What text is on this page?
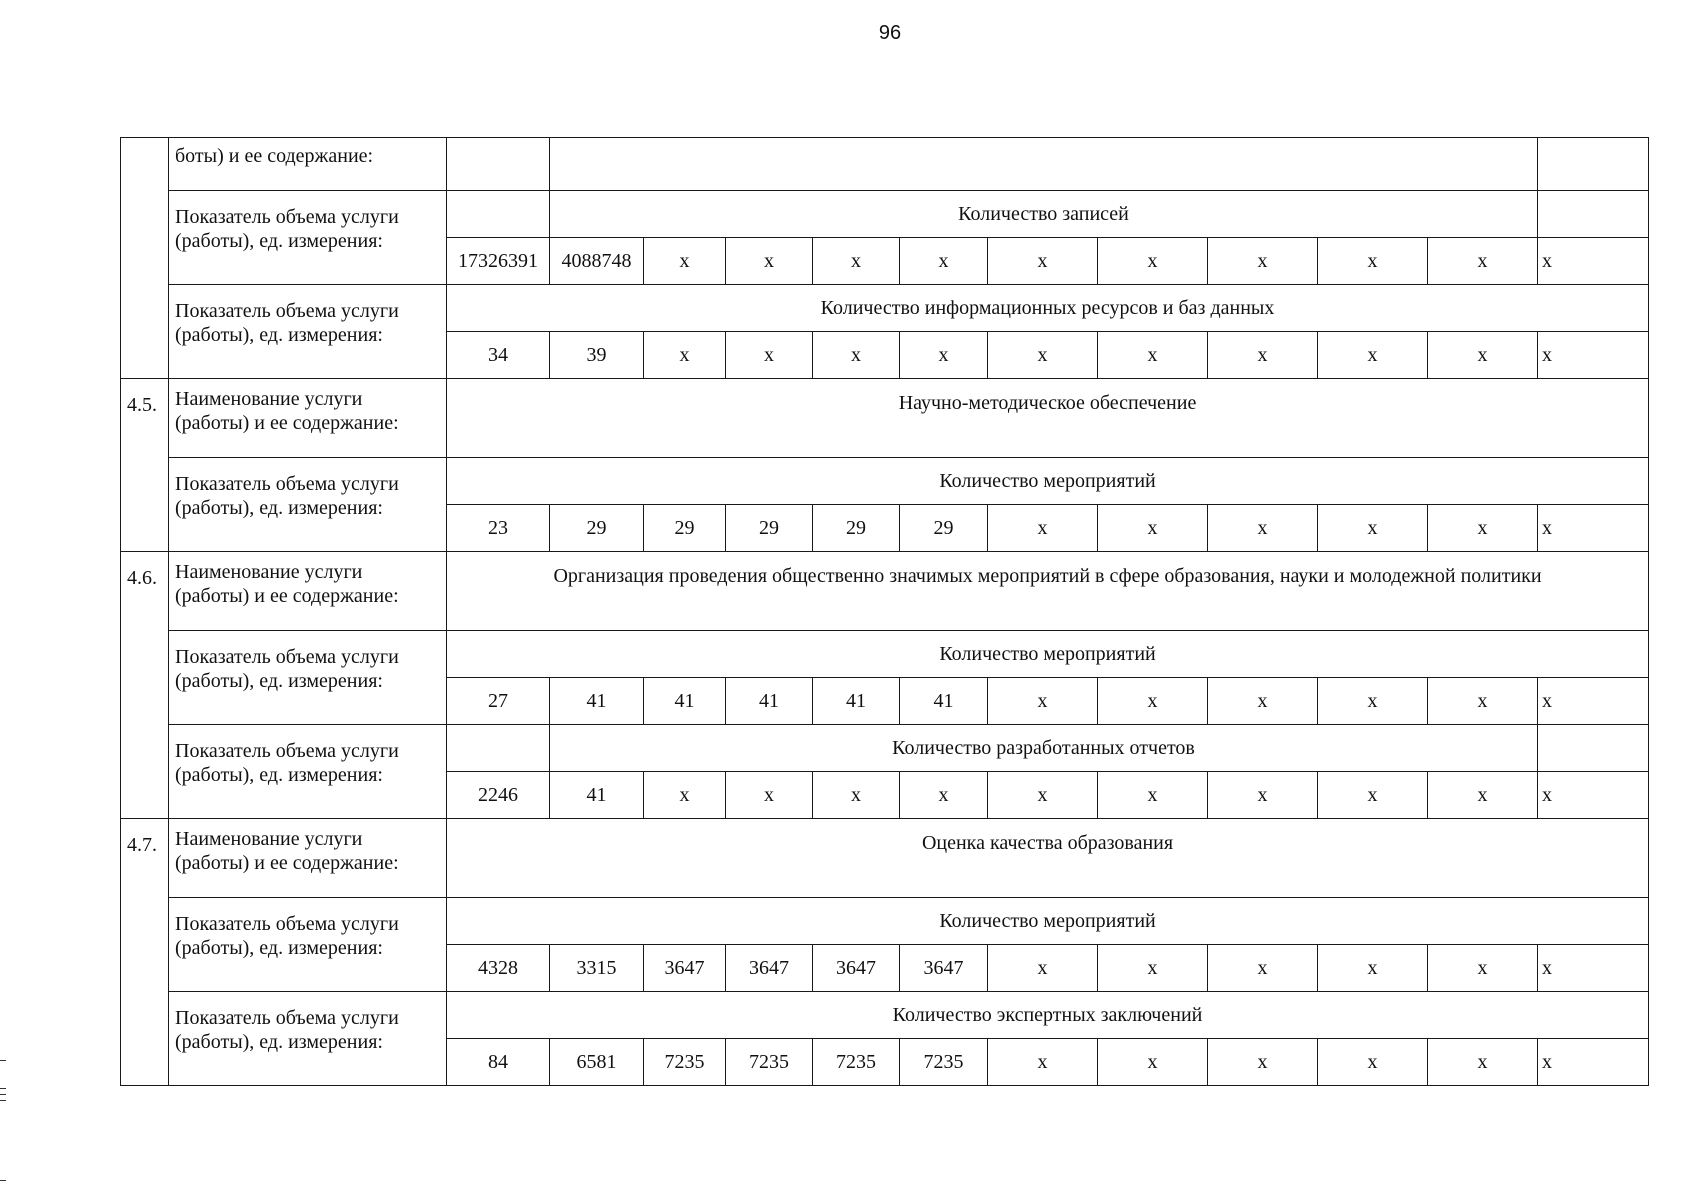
96
	боты) и ее содержание:												
	Показатель объема услуги (работы), ед. измерения:		Количество записей										
		17326391	4088748	x	x	x	x	x	x	x	x	x	x
	Показатель объема услуги (работы), ед. измерения:	Количество информационных ресурсов и баз данных											
		34	39	x	x	x	x	x	x	x	x	x	x
4.5.	Наименование услуги (работы) и ее содержание:	Научно-методическое обеспечение											
	Показатель объема услуги (работы), ед. измерения:	Количество мероприятий											
		23	29	29	29	29	29	x	x	x	x	x	x
4.6.	Наименование услуги (работы) и ее содержание:	Организация проведения общественно значимых мероприятий в сфере образования, науки и молодежной политики											
	Показатель объема услуги (работы), ед. измерения:	Количество мероприятий											
		27	41	41	41	41	41	x	x	x	x	x	x
	Показатель объема услуги (работы), ед. измерения:		Количество разработанных отчетов										
		2246	41	x	x	x	x	x	x	x	x	x	x
4.7.	Наименование услуги (работы) и ее содержание:	Оценка качества образования											
	Показатель объема услуги (работы), ед. измерения:	Количество мероприятий											
		4328	3315	3647	3647	3647	3647	x	x	x	x	x	x
	Показатель объема услуги (работы), ед. измерения:	Количество экспертных заключений											
		84	6581	7235	7235	7235	7235	x	x	x	x	x	x
